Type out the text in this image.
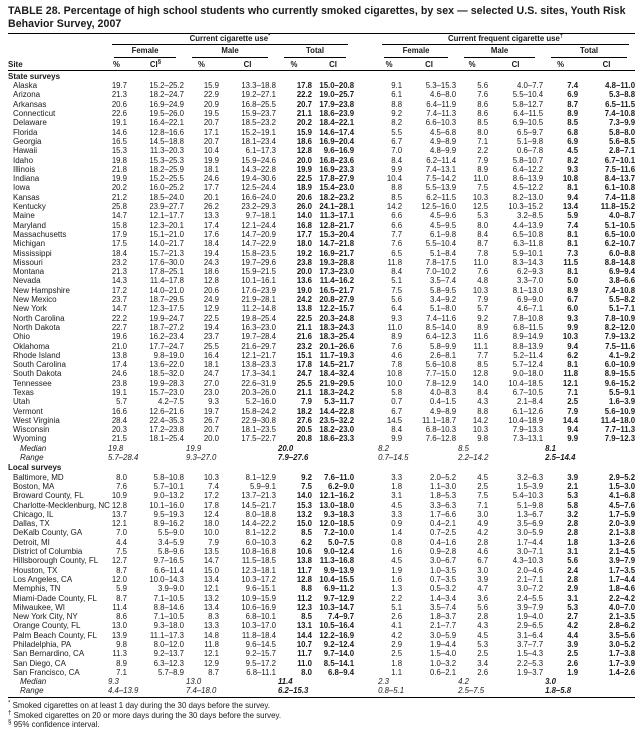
TABLE 28. Percentage of high school students who currently smoked cigarettes, by sex — selected U.S. sites, Youth Risk Behavior Survey, 2007
Site	Current cigarette use*							Current frequent cigarette use†

	Female		Male		Total			Female		Male		Total	

	%	CI§	%	CI	%	CI		%	CI	%	CI	%	CI
State surveys													
Alaska	19.7	15.2–25.2	15.9	13.3–18.8	17.8	15.0–20.8		9.1	5.3–15.3	5.6	4.0–7.7	7.4	4.8–11.0
Arizona	21.3	18.2–24.7	22.9	19.2–27.1	22.2	19.0–25.7		6.1	4.6–8.0	7.6	5.5–10.4	6.9	5.3–8.8
Arkansas	20.6	16.9–24.9	20.9	16.8–25.5	20.7	17.9–23.8		8.8	6.4–11.9	8.6	5.8–12.7	8.7	6.5–11.5
Connecticut	22.6	19.5–26.0	19.5	15.9–23.7	21.1	18.6–23.9		9.2	7.4–11.3	8.6	6.4–11.5	8.9	7.4–10.8
Delaware	19.1	16.4–22.1	20.7	18.5–23.2	20.2	18.4–22.1		8.2	6.6–10.3	8.5	6.9–10.5	8.5	7.3–9.9
Florida	14.6	12.8–16.6	17.1	15.2–19.1	15.9	14.6–17.4		5.5	4.5–6.8	8.0	6.5–9.7	6.8	5.8–8.0
Georgia	16.5	14.5–18.8	20.7	18.1–23.4	18.6	16.9–20.4		6.7	4.9–8.9	7.1	5.1–9.8	6.9	5.6–8.5
Hawaii	15.3	11.3–20.3	10.4	6.1–17.3	12.8	9.6–16.9		7.0	4.8–9.9	2.2	0.6–7.8	4.5	2.8–7.1
Idaho	19.8	15.3–25.3	19.9	15.9–24.6	20.0	16.8–23.6		8.4	6.2–11.4	7.9	5.8–10.7	8.2	6.7–10.1
Illinois	21.8	18.2–25.9	18.1	14.3–22.8	19.9	16.9–23.3		9.9	7.4–13.1	8.9	6.4–12.2	9.3	7.5–11.6
Indiana	19.9	15.2–25.5	24.6	19.4–30.6	22.5	17.8–27.9		10.4	7.5–14.2	11.0	8.6–13.9	10.8	8.4–13.7
Iowa	20.2	16.0–25.2	17.7	12.5–24.4	18.9	15.4–23.0		8.8	5.5–13.9	7.5	4.5–12.2	8.1	6.1–10.8
Kansas	21.2	18.5–24.0	20.1	16.6–24.0	20.6	18.2–23.2		8.5	6.2–11.5	10.3	8.2–13.0	9.4	7.4–11.8
Kentucky	25.8	23.9–27.7	26.2	23.2–29.3	26.0	24.1–28.1		14.2	12.5–16.0	12.5	10.3–15.2	13.4	11.8–15.2
Maine	14.7	12.1–17.7	13.3	9.7–18.1	14.0	11.3–17.1		6.6	4.5–9.6	5.3	3.2–8.5	5.9	4.0–8.7
Maryland	15.8	12.3–20.1	17.4	12.1–24.4	16.8	12.8–21.7		6.6	4.5–9.5	8.0	4.4–13.9	7.4	5.1–10.5
Massachusetts	17.9	15.1–21.0	17.6	14.7–20.9	17.7	15.3–20.4		7.7	6.1–9.8	8.4	6.5–10.8	8.1	6.5–10.0
Michigan	17.5	14.0–21.7	18.4	14.7–22.9	18.0	14.7–21.8		7.6	5.5–10.4	8.7	6.3–11.8	8.1	6.2–10.7
Mississippi	18.4	15.7–21.3	19.4	15.8–23.5	19.2	16.9–21.7		6.5	5.1–8.4	7.8	5.9–10.1	7.3	6.0–8.8
Missouri	23.2	17.6–30.0	24.3	19.7–29.6	23.8	19.3–28.8		11.8	7.8–17.5	11.0	8.3–14.3	11.5	8.8–14.8
Montana	21.3	17.8–25.1	18.6	15.9–21.5	20.0	17.3–23.0		8.4	7.0–10.2	7.6	6.2–9.3	8.1	6.9–9.4
Nevada	14.3	11.4–17.8	12.8	10.1–16.1	13.6	11.4–16.2		5.1	3.5–7.4	4.8	3.3–7.0	5.0	3.8–6.6
New Hampshire	17.2	14.0–21.0	20.6	17.6–23.9	19.0	16.5–21.7		7.5	5.8–9.5	10.3	8.1–13.0	8.9	7.4–10.8
New Mexico	23.7	18.7–29.5	24.9	21.9–28.1	24.2	20.8–27.9		5.6	3.4–9.2	7.9	6.9–9.0	6.7	5.5–8.2
New York	14.7	12.3–17.5	12.9	11.2–14.8	13.8	12.2–15.7		6.4	5.1–8.0	5.7	4.6–7.1	6.0	5.1–7.1
North Carolina	22.2	19.9–24.7	22.5	19.8–25.4	22.5	20.3–24.8		9.3	7.4–11.6	9.2	7.8–10.8	9.3	7.8–10.9
North Dakota	22.7	18.7–27.2	19.4	16.3–23.0	21.1	18.3–24.3		11.0	8.5–14.0	8.9	6.8–11.5	9.9	8.2–12.0
Ohio	19.6	16.2–23.4	23.7	19.7–28.4	21.6	18.3–25.4		8.9	6.4–12.3	11.6	8.9–14.9	10.3	7.9–13.2
Oklahoma	21.0	17.7–24.7	25.5	21.6–29.7	23.2	20.1–26.6		7.6	5.8–9.9	11.1	8.8–13.9	9.4	7.5–11.6
Rhode Island	13.8	9.8–19.0	16.4	12.1–21.7	15.1	11.7–19.3		4.6	2.6–8.1	7.7	5.2–11.4	6.2	4.1–9.2
South Carolina	17.4	13.6–22.0	18.1	13.8–23.3	17.8	14.5–21.7		7.8	5.6–10.8	8.5	5.7–12.4	8.1	6.0–10.9
South Dakota	24.6	18.5–32.0	24.7	17.3–34.1	24.7	18.4–32.4		10.8	7.7–15.0	12.8	9.0–18.0	11.8	8.9–15.5
Tennessee	23.8	19.9–28.3	27.0	22.6–31.9	25.5	21.9–29.5		10.0	7.8–12.9	14.0	10.4–18.5	12.1	9.6–15.2
Texas	19.1	15.7–23.0	23.0	20.3–26.0	21.1	18.3–24.2		5.8	4.0–8.3	8.4	6.7–10.5	7.1	5.5–9.1
Utah	5.7	4.2–7.5	9.3	5.2–16.0	7.9	5.3–11.7		0.7	0.4–1.5	4.3	2.1–8.4	2.5	1.6–3.9
Vermont	16.6	12.6–21.6	19.7	15.8–24.2	18.2	14.4–22.8		6.7	4.9–8.9	8.8	6.1–12.6	7.9	5.6–10.9
West Virginia	28.4	22.4–35.3	26.7	22.9–30.8	27.6	23.5–32.2		14.5	11.1–18.7	14.2	10.4–18.9	14.4	11.4–18.0
Wisconsin	20.3	17.2–23.8	20.7	18.1–23.5	20.5	18.2–23.0		8.4	6.8–10.3	10.3	7.9–13.3	9.4	7.7–11.3
Wyoming	21.5	18.1–25.4	20.0	17.5–22.7	20.8	18.6–23.3		9.9	7.6–12.8	9.8	7.3–13.1	9.9	7.9–12.3
Median	19.8		19.9		20.0			8.2		8.5		8.1	
Range	5.7–28.4		9.3–27.0		7.9–27.6			0.7–14.5		2.2–14.2		2.5–14.4	
Local surveys													
Baltimore, MD	8.0	5.8–10.8	10.3	8.1–12.9	9.2	7.6–11.0		3.3	2.0–5.2	4.5	3.2–6.3	3.9	2.9–5.2
Boston, MA	7.6	5.7–10.1	7.4	5.9–9.1	7.5	6.2–9.0		1.8	1.1–3.0	2.5	1.5–3.9	2.1	1.5–3.0
Broward County, FL	10.9	9.0–13.2	17.2	13.7–21.3	14.0	12.1–16.2		3.1	1.8–5.3	7.5	5.4–10.3	5.3	4.1–6.8
Charlotte-Mecklenburg, NC	12.8	10.1–16.0	17.8	14.5–21.7	15.3	13.0–18.0		4.5	3.3–6.3	7.1	5.1–9.8	5.8	4.5–7.6
Chicago, IL	13.7	9.5–19.3	12.4	8.0–18.8	13.2	9.3–18.3		3.3	1.7–6.6	3.0	1.3–6.7	3.2	1.7–5.9
Dallas, TX	12.1	8.9–16.2	18.0	14.4–22.2	15.0	12.0–18.5		0.9	0.4–2.1	4.9	3.5–6.9	2.8	2.0–3.9
DeKalb County, GA	7.0	5.5–9.0	10.0	8.1–12.2	8.5	7.2–10.0		1.4	0.7–2.5	4.2	3.0–5.9	2.8	2.1–3.8
Detroit, MI	4.4	3.4–5.9	7.9	6.0–10.3	6.2	5.0–7.5		0.8	0.4–1.6	2.8	1.7–4.4	1.8	1.3–2.6
District of Columbia	7.5	5.8–9.6	13.5	10.8–16.8	10.6	9.0–12.4		1.6	0.9–2.8	4.6	3.0–7.1	3.1	2.1–4.5
Hillsborough County, FL	12.7	9.7–16.5	14.7	11.5–18.5	13.8	11.3–16.8		4.5	3.0–6.7	6.7	4.3–10.3	5.6	3.9–7.9
Houston, TX	8.7	6.6–11.4	15.0	12.3–18.1	11.7	9.9–13.9		1.9	1.0–3.5	3.0	2.0–4.6	2.4	1.7–3.5
Los Angeles, CA	12.0	10.0–14.3	13.4	10.3–17.2	12.8	10.4–15.5		1.6	0.7–3.5	3.9	2.1–7.1	2.8	1.7–4.4
Memphis, TN	5.9	3.9–9.0	12.1	9.6–15.1	8.8	6.9–11.2		1.3	0.5–3.2	4.7	3.0–7.2	2.9	1.8–4.6
Miami-Dade County, FL	8.7	7.1–10.5	13.2	10.9–15.9	11.2	9.7–12.9		2.2	1.4–3.4	3.6	2.4–5.5	3.1	2.2–4.2
Milwaukee, WI	11.4	8.8–14.6	13.4	10.6–16.9	12.3	10.3–14.7		5.1	3.5–7.4	5.6	3.9–7.9	5.3	4.0–7.0
New York City, NY	8.6	7.1–10.5	8.3	6.8–10.1	8.5	7.4–9.7		2.6	1.8–3.7	2.8	1.9–4.0	2.7	2.1–3.5
Orange County, FL	13.0	9.3–18.0	13.3	10.3–17.0	13.1	10.5–16.4		4.1	2.1–7.7	4.3	2.9–6.5	4.2	2.8–6.2
Palm Beach County, FL	13.9	11.1–17.3	14.8	11.8–18.4	14.4	12.2–16.9		4.2	3.0–5.9	4.5	3.1–6.4	4.4	3.5–5.6
Philadelphia, PA	9.8	8.0–12.0	11.8	9.6–14.5	10.7	9.2–12.4		2.9	1.9–4.4	5.3	3.7–7.7	3.9	3.0–5.2
San Bernardino, CA	11.3	9.2–13.7	12.1	9.2–15.7	11.7	9.7–14.0		2.5	1.5–4.0	2.5	1.5–4.3	2.5	1.7–3.8
San Diego, CA	8.9	6.3–12.3	12.9	9.5–17.2	11.0	8.5–14.1		1.8	1.0–3.2	3.4	2.2–5.3	2.6	1.7–3.9
San Francisco, CA	7.1	5.7–8.9	8.7	6.8–11.1	8.0	6.8–9.4		1.1	0.6–2.1	2.6	1.9–3.7	1.9	1.4–2.6
Median	9.3		13.0		11.4			2.3		4.2		3.0	
Range	4.4–13.9		7.4–18.0		6.2–15.3			0.8–5.1		2.5–7.5		1.8–5.8	
* Smoked cigarettes on at least 1 day during the 30 days before the survey.
† Smoked cigarettes on 20 or more days during the 30 days before the survey.
§ 95% confidence interval.
